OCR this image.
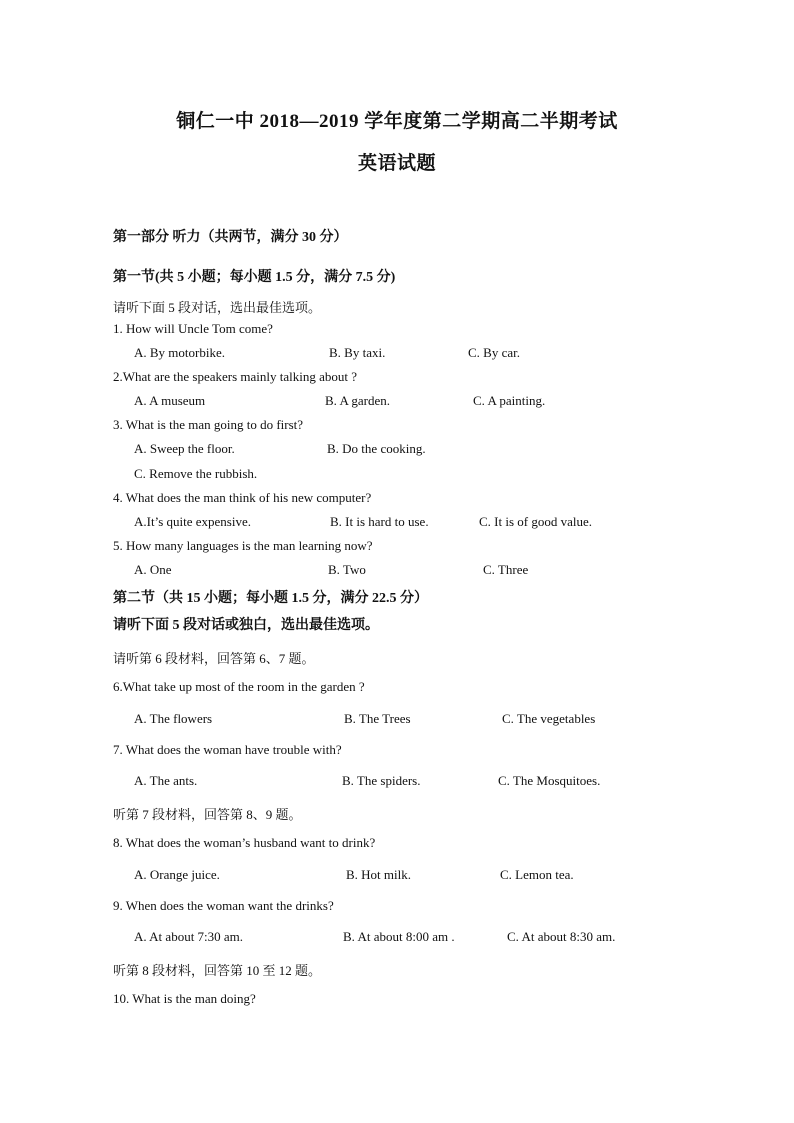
铜仁一中 2018—2019 学年度第二学期高二半期考试
英语试题
第一部分 听力（共两节，满分 30 分）
第一节(共 5 小题；每小题 1.5 分，满分 7.5 分)
请听下面 5 段对话，选出最佳选项。
1. How will Uncle Tom come?
A. By motorbike.	B. By taxi.	C. By car.
2.What are the speakers mainly talking about ?
A. A museum	B. A garden.	C. A painting.
3. What is the man going to do first?
A. Sweep the floor.	B. Do the cooking.
C. Remove the rubbish.
4. What does the man think of his new computer?
A.It’s quite expensive.	B. It is hard to use.	C. It is of good value.
5. How many languages is the man learning now?
A. One	B. Two	C. Three
第二节（共 15 小题；每小题 1.5 分，满分 22.5 分）
请听下面 5 段对话或独白，选出最佳选项。
请听第 6 段材料，回答第 6、7 题。
6.What take up most of the room in the garden ?
A. The flowers	B. The Trees	C. The vegetables
7. What does the woman have trouble with?
A. The ants.	B. The spiders.	C. The Mosquitoes.
听第 7 段材料，回答第 8、9 题。
8. What does the woman’s husband want to drink?
A. Orange juice.	B. Hot milk.	C. Lemon tea.
9. When does the woman want the drinks?
A. At about 7:30 am.	B. At about 8:00 am .	C. At about 8:30 am.
听第 8 段材料，回答第 10 至 12 题。
10. What is the man doing?
